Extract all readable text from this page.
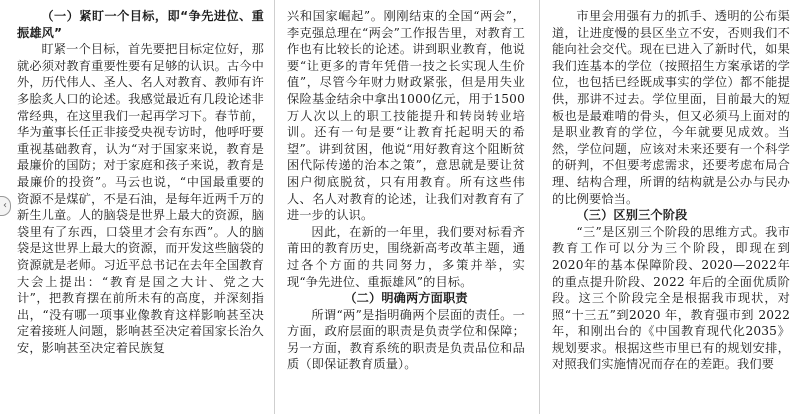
‹

（一）紧盯一个目标，即“争先进位、重振雄风”

盯紧一个目标，首先要把目标定位好，那就必须对教育重要性要有足够的认识。古今中外，历代伟人、圣人、名人对教育、教师有许多脍炙人口的论述。我感觉最近有几段论述非常经典，在这里我们一起再学习下。春节前，华为董事长任正非接受央视专访时，他呼吁要重视基础教育，认为“对于国家来说，教育是最廉价的国防；对于家庭和孩子来说，教育是最廉价的投资”。马云也说，“中国最重要的资源不是煤矿，不是石油，是每年近两千万的新生儿童。人的脑袋是世界上最大的资源，脑袋里有了东西，口袋里才会有东西”。人的脑袋是这世界上最大的资源，而开发这些脑袋的资源就是老师。习近平总书记在去年全国教育大会上提出：“教育是国之大计、党之大计”，把教育摆在前所未有的高度，并深刻指出，“没有哪一项事业像教育这样影响甚至决定着接班人问题，影响甚至决定着国家长治久安，影响甚至决定着民族复

兴和国家崛起”。刚刚结束的全国“两会”，李克强总理在“两会”工作报告里，对教育工作也有比较长的论述。讲到职业教育，他说要“让更多的青年凭借一技之长实现人生价值”，尽管今年财力财政紧张，但是用失业保险基金结余中拿出1000亿元，用于1500 万人次以上的职工技能提升和转岗转业培训。还有一句是要“让教育托起明天的希望”。讲到贫困，他说“用好教育这个阻断贫困代际传递的治本之策”，意思就是要让贫困户彻底脱贫，只有用教育。所有这些伟人、名人对教育的论述，让我们对教育有了进一步的认识。

因此，在新的一年里，我们要对标看齐莆田的教育历史，围绕新高考改革主题，通过各个方面的共同努力，多策并举，实现“争先进位、重振雄风”的目标。

（二）明确两方面职责

所谓“两”是指明确两个层面的责任。一方面，政府层面的职责是负责学位和保障；另一方面，教育系统的职责是负责品位和品质（即保证教育质量）。

市里会用强有力的抓手、透明的公布渠道，让进度慢的县区坐立不安，否则我们不能向社会交代。现在已进入了新时代，如果我们连基本的学位（按照招生方案承诺的学位，也包括已经既成事实的学位）都不能提供，那讲不过去。学位里面，目前最大的短板也是最难啃的骨头，但又必须马上面对的是职业教育的学位，今年就要见成效。当然，学位问题，应该对未来还要有一个科学的研判，不但要考虑需求，还要考虑布局合理、结构合理，所谓的结构就是公办与民办的比例要恰当。

（三）区别三个阶段

“三”是区别三个阶段的思维方式。我市教育工作可以分为三个阶段，即现在到2020年的基本保障阶段、2020—2022年的重点提升阶段、2022 年后的全面优质阶段。这三个阶段完全是根据我市现状，对照“十三五”到2020 年，教育强市到 2022年，和刚出台的《中国教育现代化2035》规划要求。根据这些市里已有的规划安排，对照我们实施情况而存在的差距。我们要
